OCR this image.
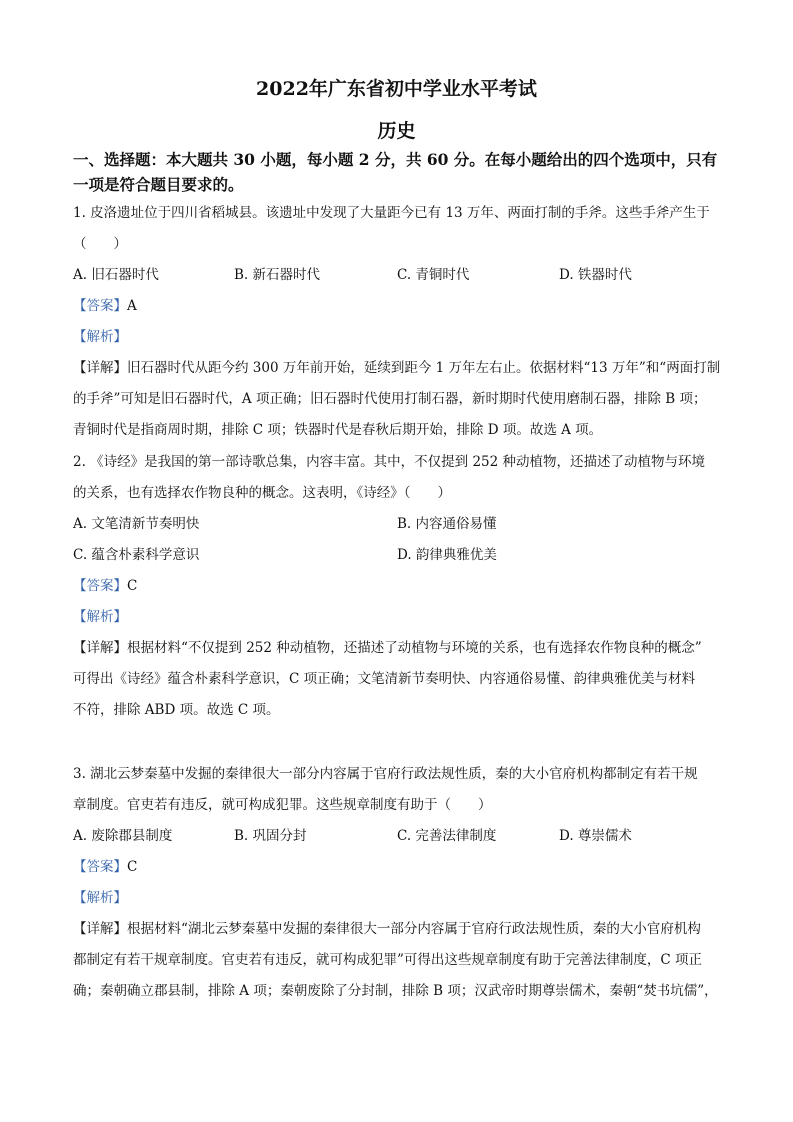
2022年广东省初中学业水平考试
历史
一、选择题：本大题共 30 小题，每小题 2 分，共 60 分。在每小题给出的四个选项中，只有
一项是符合题目要求的。
1. 皮洛遗址位于四川省稻城县。该遗址中发现了大量距今已有 13 万年、两面打制的手斧。这些手斧产生于
（　　）
A. 旧石器时代	B. 新石器时代	C. 青铜时代	D. 铁器时代
【答案】A
【解析】
【详解】旧石器时代从距今约 300 万年前开始，延续到距今 1 万年左右止。依据材料“13 万年”和“两面打制
的手斧”可知是旧石器时代，A 项正确；旧石器时代使用打制石器，新时期时代使用磨制石器，排除 B 项；
青铜时代是指商周时期，排除 C 项；铁器时代是春秋后期开始，排除 D 项。故选 A 项。
2. 《诗经》是我国的第一部诗歌总集，内容丰富。其中，不仅提到 252 种动植物，还描述了动植物与环境
的关系，也有选择农作物良种的概念。这表明，《诗经》（　　）
A. 文笔清新节奏明快	B. 内容通俗易懂
C. 蕴含朴素科学意识	D. 韵律典雅优美
【答案】C
【解析】
【详解】根据材料“不仅提到 252 种动植物，还描述了动植物与环境的关系，也有选择农作物良种的概念”
可得出《诗经》蕴含朴素科学意识，C 项正确；文笔清新节奏明快、内容通俗易懂、韵律典雅优美与材料
不符，排除 ABD 项。故选 C 项。
3. 湖北云梦秦墓中发掘的秦律很大一部分内容属于官府行政法规性质，秦的大小官府机构都制定有若干规
章制度。官吏若有违反，就可构成犯罪。这些规章制度有助于（　　）
A. 废除郡县制度	B. 巩固分封	C. 完善法律制度	D. 尊崇儒术
【答案】C
【解析】
【详解】根据材料“湖北云梦秦墓中发掘的秦律很大一部分内容属于官府行政法规性质，秦的大小官府机构
都制定有若干规章制度。官吏若有违反，就可构成犯罪”可得出这些规章制度有助于完善法律制度，C 项正
确；秦朝确立郡县制，排除 A 项；秦朝废除了分封制，排除 B 项；汉武帝时期尊崇儒术，秦朝“焚书坑儒”，
